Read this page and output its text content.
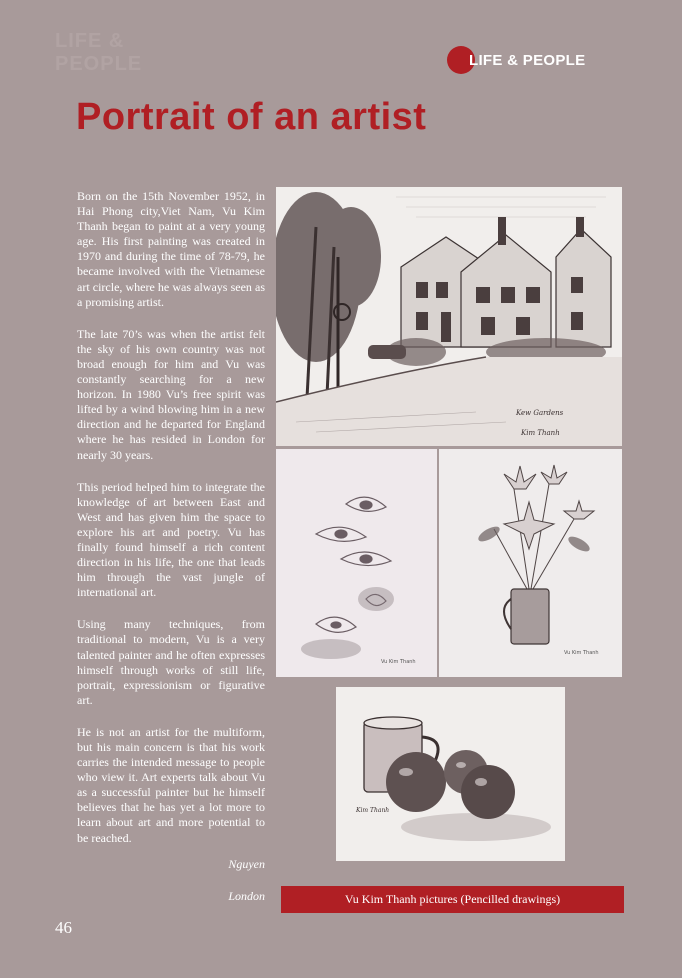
LIFE & PEOPLE	LIFE & PEOPLE
Portrait of an artist

Born on the 15th November 1952, in Hai Phong city,Viet Nam, Vu Kim Thanh began to paint at a very young age. His first painting was created in 1970 and during the time of 78-79, he became involved with the Vietnamese art circle, where he was always seen as a promising artist.

The late 70’s was when the artist felt the sky of his own country was not broad enough for him and Vu was constantly searching for a new horizon. In 1980 Vu’s free spirit was lifted by a wind blowing him in a new direction and he departed for England where he has resided in London for nearly 30 years.

This period helped him to integrate the knowledge of art between East and West and has given him the space to explore his art and poetry. Vu has finally found himself a rich content direction in his life, the one that leads him through the vast jungle of international art.

Using many techniques, from traditional to modern, Vu is a very talented painter and he often expresses himself through works of still life, portrait, expressionism or figurative art.

He is not an artist for the multiform, but his main concern is that his work carries the intended message to people who view it. Art experts talk about Vu as a successful painter but he himself believes that he has yet a lot more to learn about art and more potential to be reached.

Nguyen
London
Kew Gardens
Kim Thanh
Vu Kim Thanh
Vu Kim Thanh
Kim Thanh
Vu Kim Thanh pictures (Pencilled drawings)
46
